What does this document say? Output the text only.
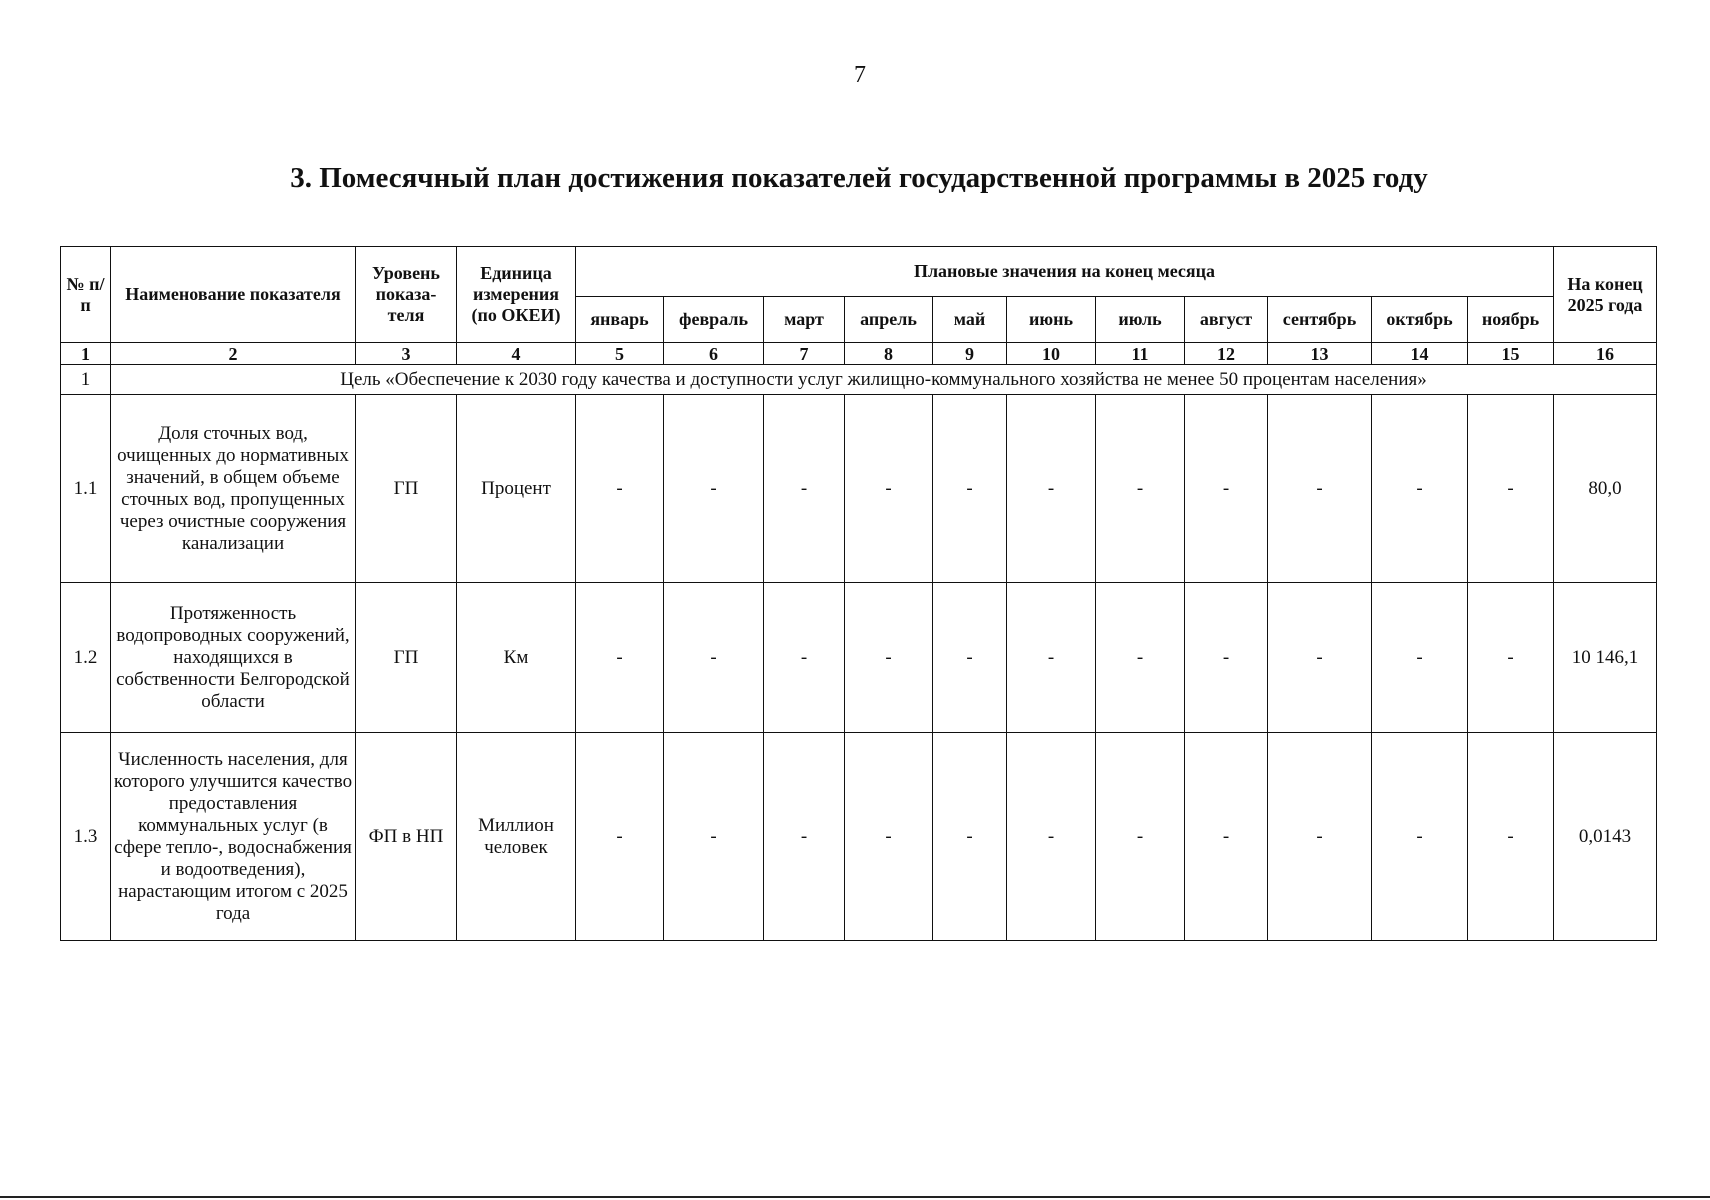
7
3. Помесячный план достижения показателей государственной программы в 2025 году
№ п/п	Наименование показателя	Уровень показа-теля	Единица измерения (по ОКЕИ)	Плановые значения на конец месяца											На конец 2025 года
				январь	февраль	март	апрель	май	июнь	июль	август	сентябрь	октябрь	ноябрь	
1	2	3	4	5	6	7	8	9	10	11	12	13	14	15	16
1	Цель «Обеспечение к 2030 году качества и доступности услуг жилищно-коммунального хозяйства не менее 50 процентам населения»														
1.1	Доля сточных вод, очищенных до нормативных значений, в общем объеме сточных вод, пропущенных через очистные сооружения канализации	ГП	Процент	-	-	-	-	-	-	-	-	-	-	-	80,0
1.2	Протяженность водопроводных сооружений, находящихся в собственности Белгородской области	ГП	Км	-	-	-	-	-	-	-	-	-	-	-	10 146,1
1.3	Численность населения, для которого улучшится качество предоставления коммунальных услуг (в сфере тепло-, водоснабжения и водоотведения), нарастающим итогом с 2025 года	ФП в НП	Миллион человек	-	-	-	-	-	-	-	-	-	-	-	0,0143
